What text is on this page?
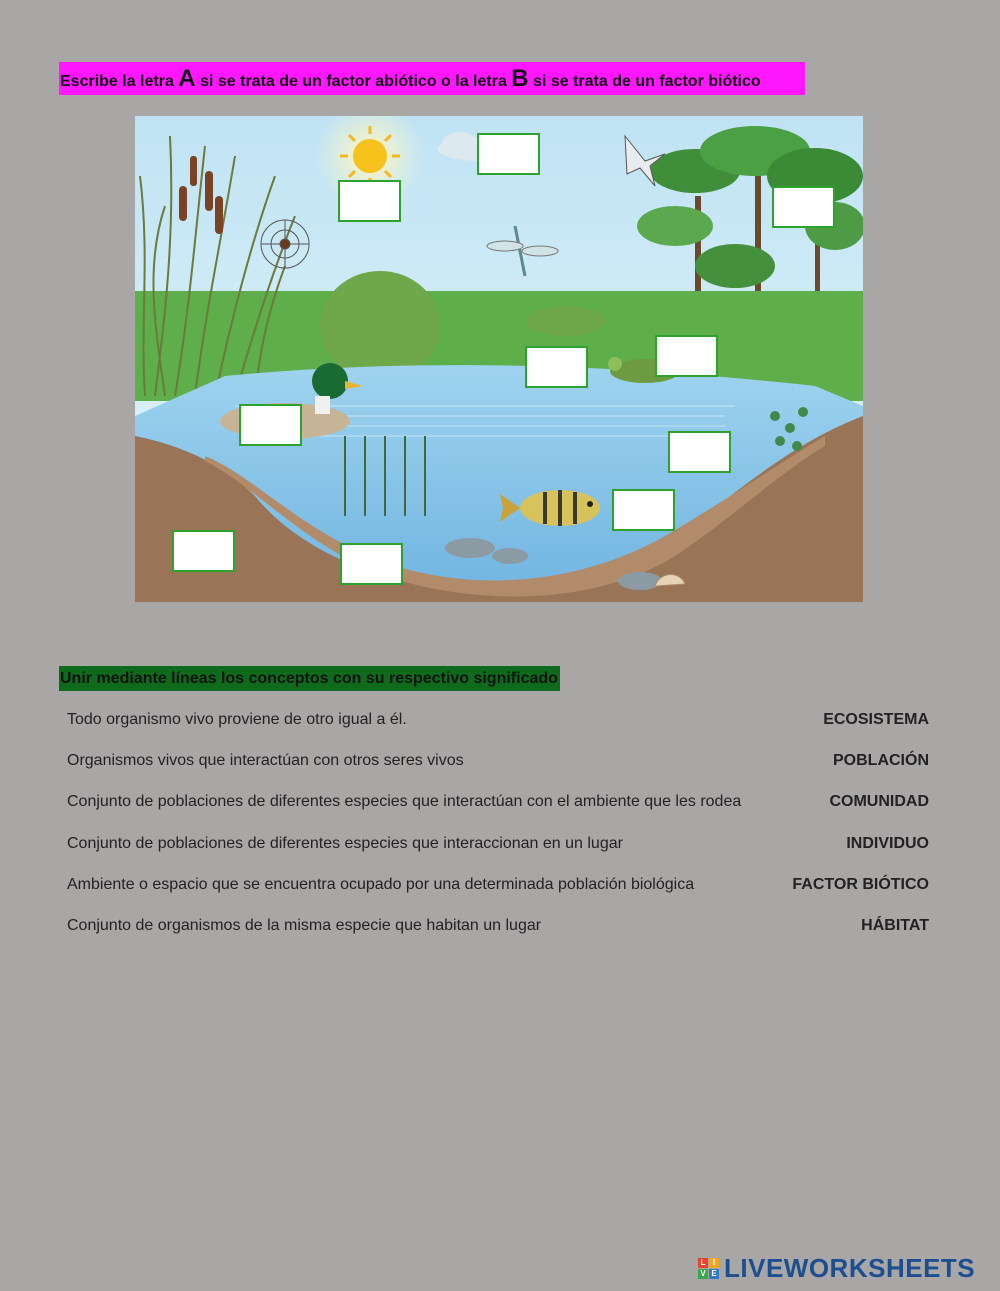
Escribe la letra A si se trata de un factor abiótico o la letra B si se trata de un factor biótico
Unir mediante líneas los conceptos con su respectivo significado
Todo organismo vivo proviene de otro igual a él.
Organismos vivos que interactúan con otros seres vivos
Conjunto de poblaciones de diferentes especies que interactúan con el ambiente que les rodea
Conjunto de poblaciones de diferentes especies que interaccionan en un lugar
Ambiente o espacio que se encuentra ocupado por una determinada población biológica
Conjunto de organismos de la misma especie que habitan un lugar
ECOSISTEMA
POBLACIÓN
COMUNIDAD
INDIVIDUO
FACTOR BIÓTICO
HÁBITAT
L I
V E LIVEWORKSHEETS
